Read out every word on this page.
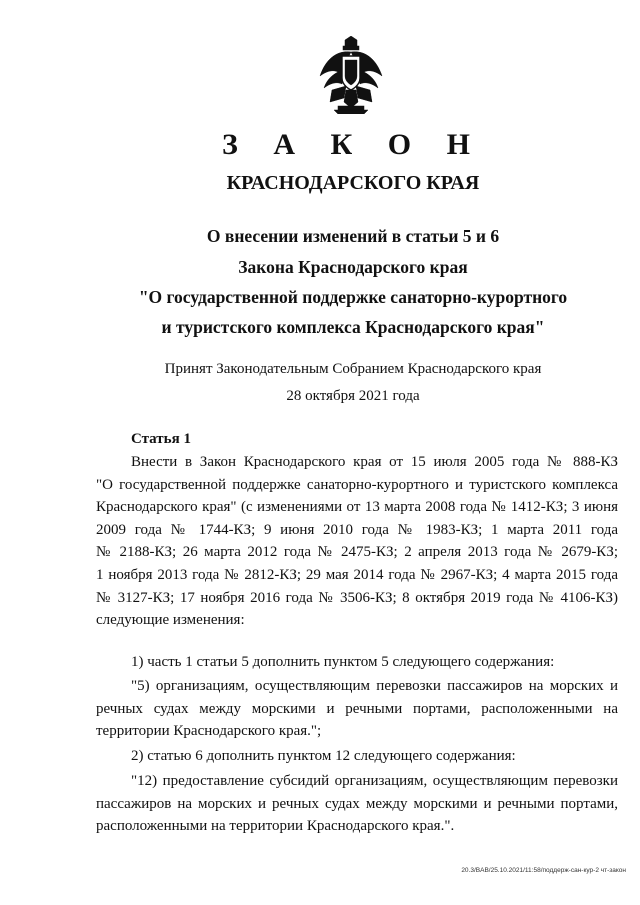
З А К О Н
КРАСНОДАРСКОГО КРАЯ
О внесении изменений в статьи 5 и 6
Закона Краснодарского края
"О государственной поддержке санаторно-курортного
и туристского комплекса Краснодарского края"
Принят Законодательным Собранием Краснодарского края
28 октября 2021 года
Статья 1
Внести в Закон Краснодарского края от 15 июля 2005 года № 888-КЗ
"О государственной поддержке санаторно-курортного и туристского комплекса
Краснодарского края" (с изменениями от 13 марта 2008 года № 1412-КЗ; 3 июня
2009 года № 1744-КЗ; 9 июня 2010 года № 1983-КЗ; 1 марта 2011 года
№ 2188-КЗ; 26 марта 2012 года № 2475-КЗ; 2 апреля 2013 года № 2679-КЗ;
1 ноября 2013 года № 2812-КЗ; 29 мая 2014 года № 2967-КЗ; 4 марта 2015 года
№ 3127-КЗ; 17 ноября 2016 года № 3506-КЗ; 8 октября 2019 года № 4106-КЗ)
следующие изменения:
1) часть 1 статьи 5 дополнить пунктом 5 следующего содержания:
"5) организациям, осуществляющим перевозки пассажиров на морских и
речных судах между морскими и речными портами, расположенными на
территории Краснодарского края.";
2) статью 6 дополнить пунктом 12 следующего содержания:
"12) предоставление субсидий организациям, осуществляющим перевозки
пассажиров на морских и речных судах между морскими и речными портами,
расположенными на территории Краснодарского края.".
20.3/BAB/25.10.2021/11:58/поддерж-сан-кур-2 чт-закон
